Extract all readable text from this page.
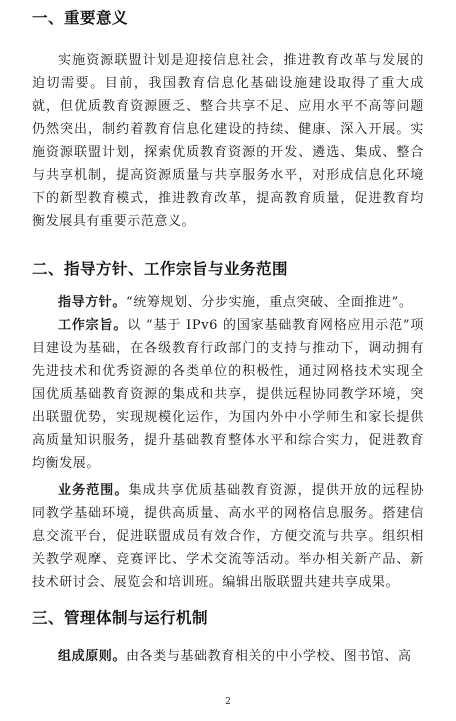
一、重要意义

实施资源联盟计划是迎接信息社会，推进教育改革与发展的迫切需要。目前，我国教育信息化基础设施建设取得了重大成就，但优质教育资源匮乏、整合共享不足、应用水平不高等问题仍然突出，制约着教育信息化建设的持续、健康、深入开展。实施资源联盟计划，探索优质教育资源的开发、遴选、集成、整合与共享机制，提高资源质量与共享服务水平，对形成信息化环境下的新型教育模式，推进教育改革，提高教育质量，促进教育均衡发展具有重要示范意义。

二、指导方针、工作宗旨与业务范围

指导方针。“统筹规划、分步实施，重点突破、全面推进”。

工作宗旨。以 “基于 IPv6 的国家基础教育网格应用示范”项目建设为基础，在各级教育行政部门的支持与推动下，调动拥有先进技术和优秀资源的各类单位的积极性，通过网格技术实现全国优质基础教育资源的集成和共享，提供远程协同教学环境，突出联盟优势，实现规模化运作，为国内外中小学师生和家长提供高质量知识服务，提升基础教育整体水平和综合实力，促进教育均衡发展。

业务范围。集成共享优质基础教育资源，提供开放的远程协同教学基础环境，提供高质量、高水平的网格信息服务。搭建信息交流平台，促进联盟成员有效合作，方便交流与共享。组织相关教学观摩、竞赛评比、学术交流等活动。举办相关新产品、新技术研讨会、展览会和培训班。编辑出版联盟共建共享成果。

三、管理体制与运行机制

组成原则。由各类与基础教育相关的中小学校、图书馆、高

2
